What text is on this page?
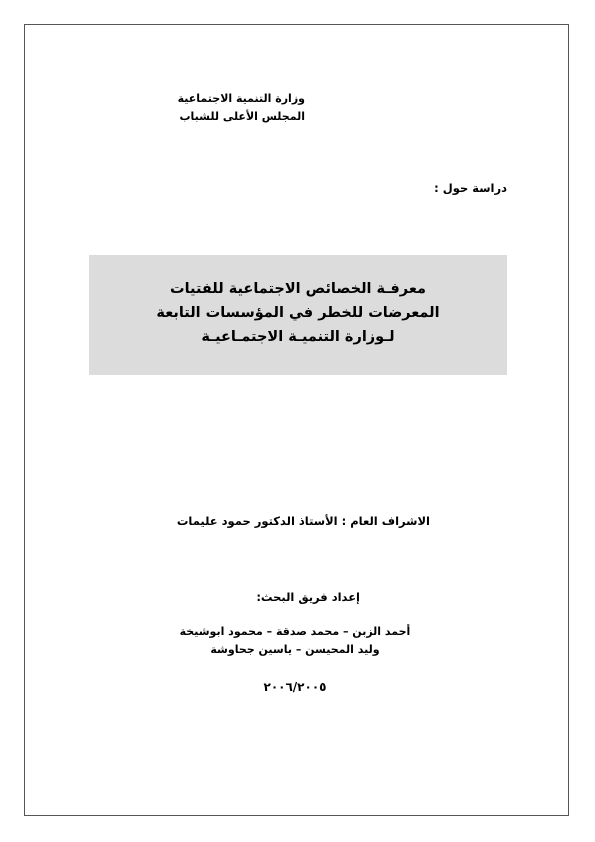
وزارة التنمية الاجتماعية
المجلس الأعلى للشباب
دراسة حول :
معرفـة الخصائص الاجتماعية للفتيات
المعرضات للخطر في المؤسسات التابعة
لـوزارة التنميـة الاجتمـاعيـة
الاشراف العام : الأستاذ الدكتور حمود عليمات
إعداد فريق البحث:
أحمد الزبن – محمد صدقة – محمود ابوشيخة
وليد المحيسن – ياسين جحاوشة
٢٠٠٦/٢٠٠٥
